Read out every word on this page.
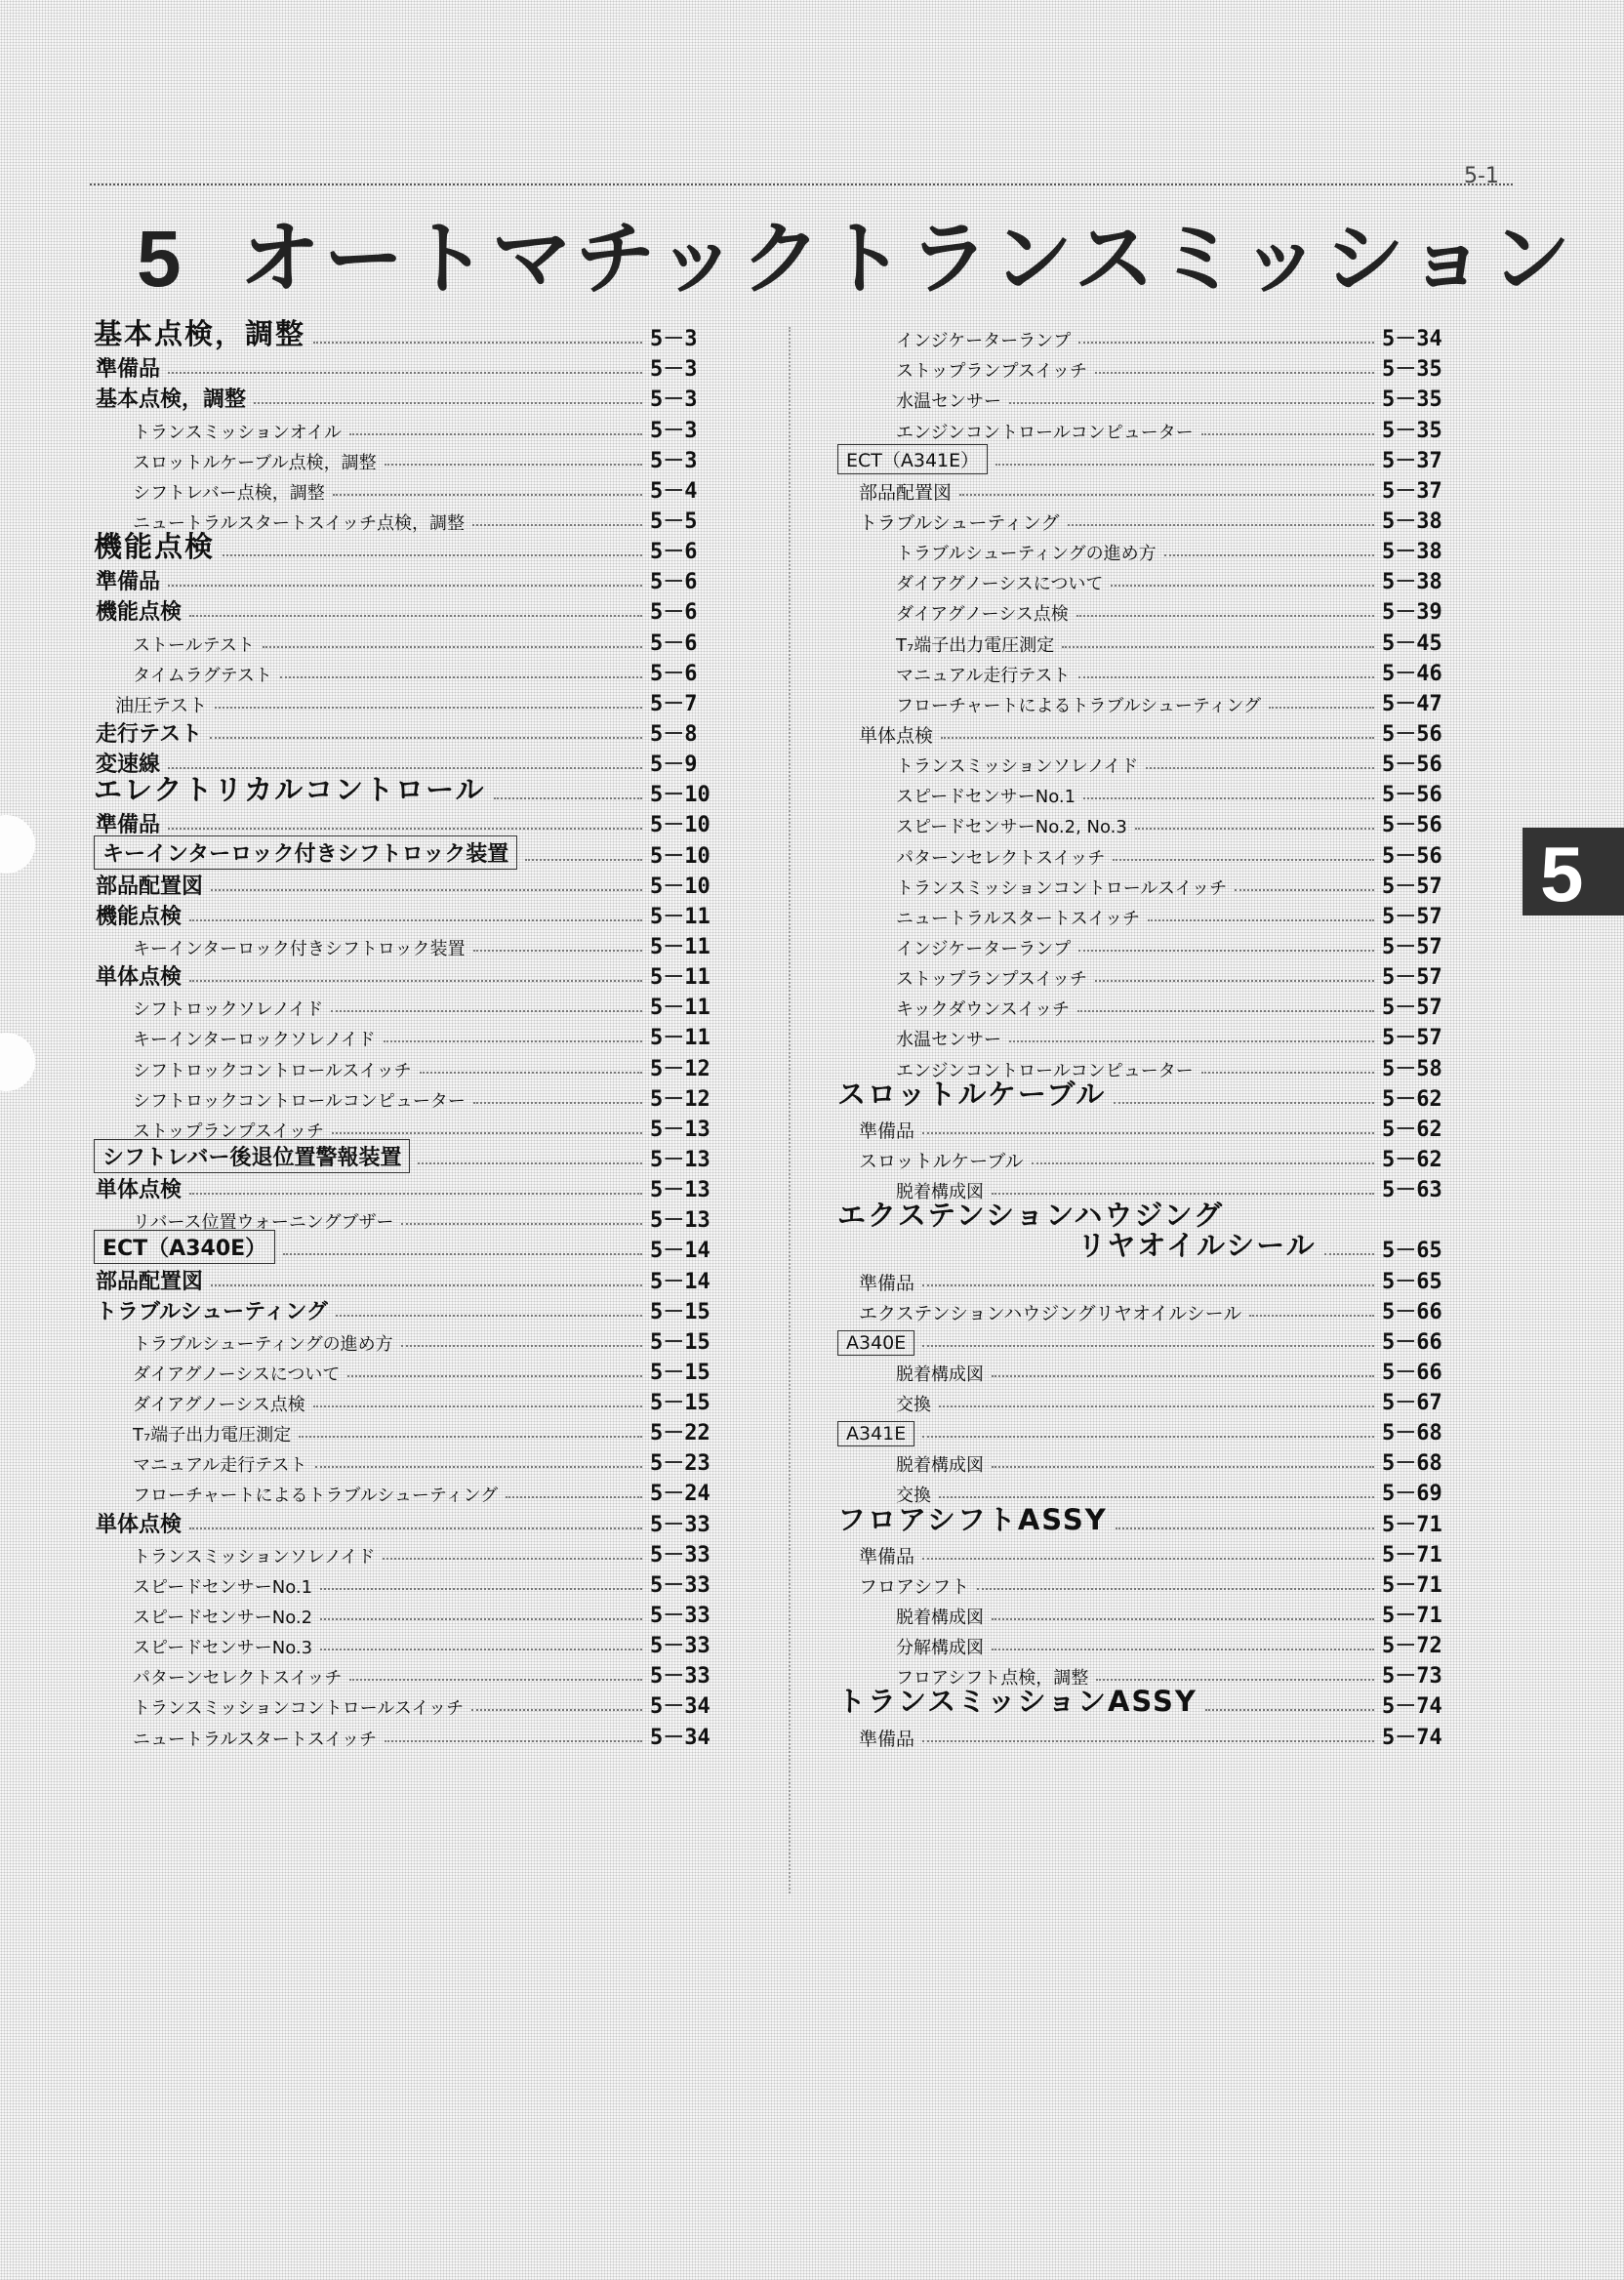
5-1
5 オートマチックトランスミッション
基本点検，調整	5－3
準備品	5－3
基本点検，調整	5－3
トランスミッションオイル	5－3
スロットルケーブル点検，調整	5－3
シフトレバー点検，調整	5－4
ニュートラルスタートスイッチ点検，調整	5－5
機能点検	5－6
準備品	5－6
機能点検	5－6
ストールテスト	5－6
タイムラグテスト	5－6
油圧テスト	5－7
走行テスト	5－8
変速線	5－9
エレクトリカルコントロール	5－10
準備品	5－10
キーインターロック付きシフトロック装置	5－10
部品配置図	5－10
機能点検	5－11
キーインターロック付きシフトロック装置	5－11
単体点検	5－11
シフトロックソレノイド	5－11
キーインターロックソレノイド	5－11
シフトロックコントロールスイッチ	5－12
シフトロックコントロールコンピューター	5－12
ストップランプスイッチ	5－13
シフトレバー後退位置警報装置	5－13
単体点検	5－13
リバース位置ウォーニングブザー	5－13
ECT（A340E）	5－14
部品配置図	5－14
トラブルシューティング	5－15
トラブルシューティングの進め方	5－15
ダイアグノーシスについて	5－15
ダイアグノーシス点検	5－15
T₇端子出力電圧測定	5－22
マニュアル走行テスト	5－23
フローチャートによるトラブルシューティング	5－24
単体点検	5－33
トランスミッションソレノイド	5－33
スピードセンサーNo.1	5－33
スピードセンサーNo.2	5－33
スピードセンサーNo.3	5－33
パターンセレクトスイッチ	5－33
トランスミッションコントロールスイッチ	5－34
ニュートラルスタートスイッチ	5－34
インジケーターランプ	5－34
ストップランプスイッチ	5－35
水温センサー	5－35
エンジンコントロールコンピューター	5－35
ECT（A341E）	5－37
部品配置図	5－37
トラブルシューティング	5－38
トラブルシューティングの進め方	5－38
ダイアグノーシスについて	5－38
ダイアグノーシス点検	5－39
T₇端子出力電圧測定	5－45
マニュアル走行テスト	5－46
フローチャートによるトラブルシューティング	5－47
単体点検	5－56
トランスミッションソレノイド	5－56
スピードセンサーNo.1	5－56
スピードセンサーNo.2, No.3	5－56
パターンセレクトスイッチ	5－56
トランスミッションコントロールスイッチ	5－57
ニュートラルスタートスイッチ	5－57
インジケーターランプ	5－57
ストップランプスイッチ	5－57
キックダウンスイッチ	5－57
水温センサー	5－57
エンジンコントロールコンピューター	5－58
スロットルケーブル	5－62
準備品	5－62
スロットルケーブル	5－62
脱着構成図	5－63
エクステンションハウジング
リヤオイルシール	5－65
準備品	5－65
エクステンションハウジングリヤオイルシール	5－66
A340E	5－66
脱着構成図	5－66
交換	5－67
A341E	5－68
脱着構成図	5－68
交換	5－69
フロアシフトASSY	5－71
準備品	5－71
フロアシフト	5－71
脱着構成図	5－71
分解構成図	5－72
フロアシフト点検，調整	5－73
トランスミッションASSY	5－74
準備品	5－74
5
